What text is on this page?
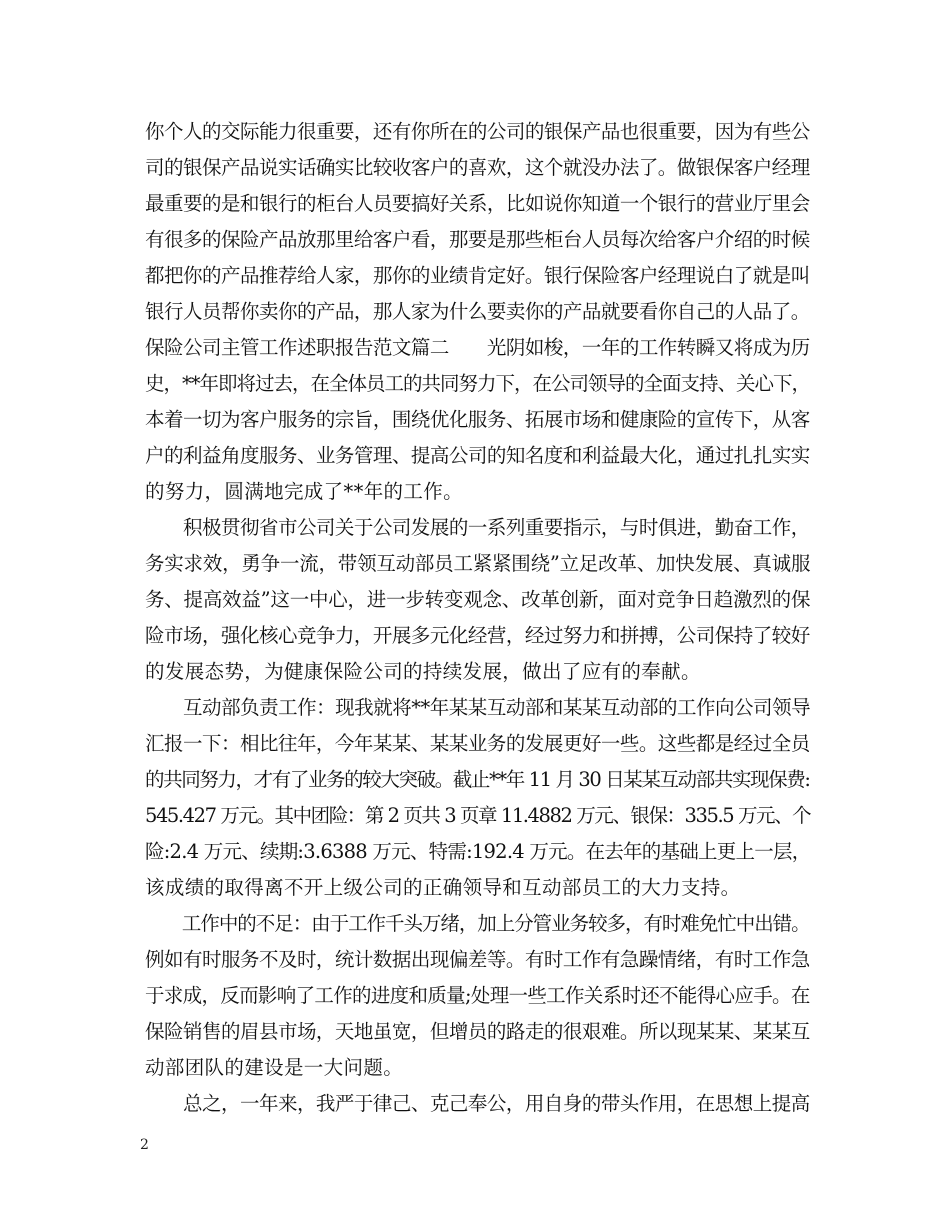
你个人的交际能力很重要，还有你所在的公司的银保产品也很重要，因为有些公
司的银保产品说实话确实比较收客户的喜欢，这个就没办法了。做银保客户经理
最重要的是和银行的柜台人员要搞好关系，比如说你知道一个银行的营业厅里会
有很多的保险产品放那里给客户看，那要是那些柜台人员每次给客户介绍的时候
都把你的产品推荐给人家，那你的业绩肯定好。银行保险客户经理说白了就是叫
银行人员帮你卖你的产品，那人家为什么要卖你的产品就要看你自己的人品了。
保险公司主管工作述职报告范文篇二　　光阴如梭，一年的工作转瞬又将成为历
史，**年即将过去，在全体员工的共同努力下，在公司领导的全面支持、关心下，
本着一切为客户服务的宗旨，围绕优化服务、拓展市场和健康险的宣传下，从客
户的利益角度服务、业务管理、提高公司的知名度和利益最大化，通过扎扎实实
的努力，圆满地完成了**年的工作。
　　积极贯彻省市公司关于公司发展的一系列重要指示，与时俱进，勤奋工作，
务实求效，勇争一流，带领互动部员工紧紧围绕”立足改革、加快发展、真诚服
务、提高效益”这一中心，进一步转变观念、改革创新，面对竞争日趋激烈的保
险市场，强化核心竞争力，开展多元化经营，经过努力和拼搏，公司保持了较好
的发展态势，为健康保险公司的持续发展，做出了应有的奉献。
　　互动部负责工作：现我就将**年某某互动部和某某互动部的工作向公司领导
汇报一下：相比往年，今年某某、某某业务的发展更好一些。这些都是经过全员
的共同努力，才有了业务的较大突破。截止**年 11 月 30 日某某互动部共实现保费:
545.427 万元。其中团险：第 2 页共 3 页章 11.4882 万元、银保：335.5 万元、个
险:2.4 万元、续期:3.6388 万元、特需:192.4 万元。在去年的基础上更上一层，
该成绩的取得离不开上级公司的正确领导和互动部员工的大力支持。
　　工作中的不足：由于工作千头万绪，加上分管业务较多，有时难免忙中出错。
例如有时服务不及时，统计数据出现偏差等。有时工作有急躁情绪，有时工作急
于求成，反而影响了工作的进度和质量;处理一些工作关系时还不能得心应手。在
保险销售的眉县市场，天地虽宽，但增员的路走的很艰难。所以现某某、某某互
动部团队的建设是一大问题。
　　总之，一年来，我严于律己、克己奉公，用自身的带头作用，在思想上提高
2
